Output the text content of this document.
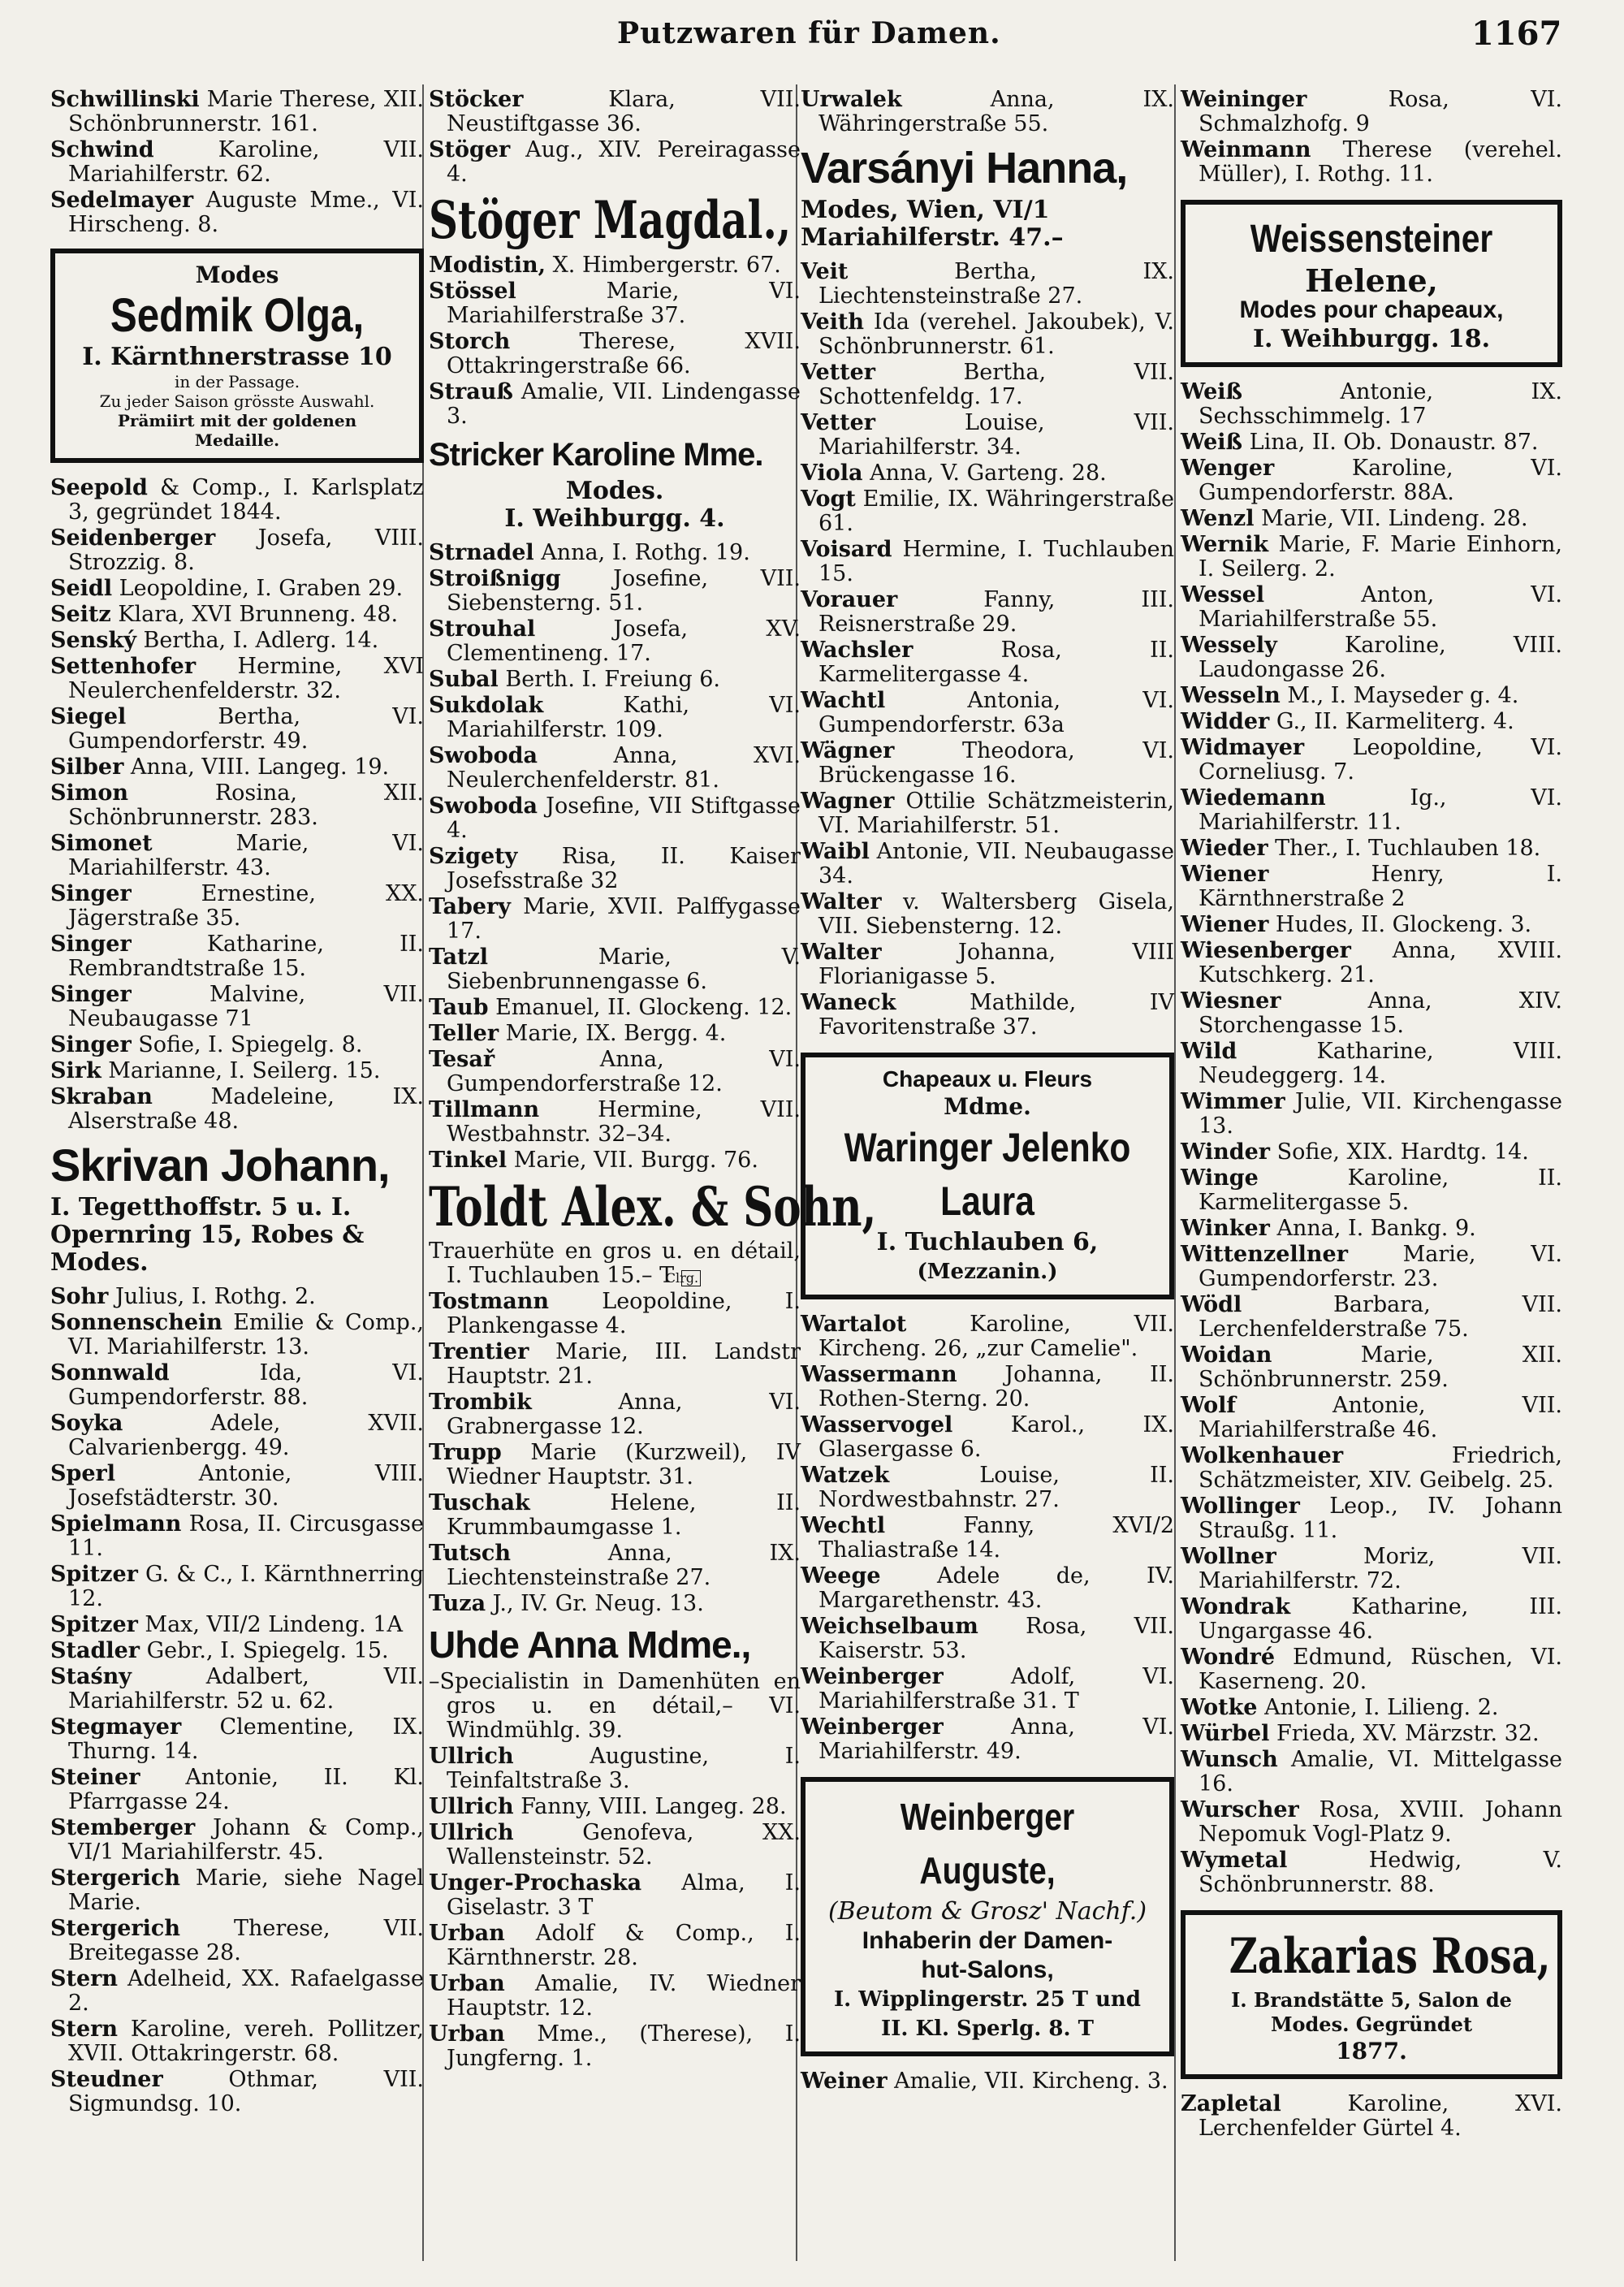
Putzwaren für Damen.	1167
Schwillinski Marie Therese, XII. Schönbrunnerstr. 161.
Schwind Karoline, VII. Mariahilferstr. 62.
Sedelmayer Auguste Mme., VI. Hirscheng. 8.
Modes
Sedmik Olga,
I. Kärnthnerstrasse 10
in der Passage.
Zu jeder Saison grösste Auswahl.
Prämiirt mit der goldenen
Medaille.
Seepold & Comp., I. Karlsplatz 3, gegründet 1844.
Seidenberger Josefa, VIII. Strozzig. 8.
Seidl Leopoldine, I. Graben 29.
Seitz Klara, XVI Brunneng. 48.
Senský Bertha, I. Adlerg. 14.
Settenhofer Hermine, XVI Neulerchenfelderstr. 32.
Siegel Bertha, VI. Gumpendorferstr. 49.
Silber Anna, VIII. Langeg. 19.
Simon Rosina, XII. Schönbrunnerstr. 283.
Simonet Marie, VI. Mariahilferstr. 43.
Singer Ernestine, XX. Jägerstraße 35.
Singer Katharine, II. Rembrandtstraße 15.
Singer Malvine, VII. Neubaugasse 71
Singer Sofie, I. Spiegelg. 8.
Sirk Marianne, I. Seilerg. 15.
Skraban Madeleine, IX. Alserstraße 48.
Skrivan Johann,
I. Tegetthoffstr. 5 u. I. Opernring 15, Robes & Modes.
Sohr Julius, I. Rothg. 2.
Sonnenschein Emilie & Comp., VI. Mariahilferstr. 13.
Sonnwald Ida, VI. Gumpendorferstr. 88.
Soyka Adele, XVII. Calvarienbergg. 49.
Sperl Antonie, VIII. Josefstädterstr. 30.
Spielmann Rosa, II. Circusgasse 11.
Spitzer G. & C., I. Kärnthnerring 12.
Spitzer Max, VII/2 Lindeng. 1A
Stadler Gebr., I. Spiegelg. 15.
Staśny Adalbert, VII. Mariahilferstr. 52 u. 62.
Stegmayer Clementine, IX. Thurng. 14.
Steiner Antonie, II. Kl. Pfarrgasse 24.
Stemberger Johann & Comp., VI/1 Mariahilferstr. 45.
Stergerich Marie, siehe Nagel Marie.
Stergerich Therese, VII. Breitegasse 28.
Stern Adelheid, XX. Rafaelgasse 2.
Stern Karoline, vereh. Pollitzer, XVII. Ottakringerstr. 68.
Steudner Othmar, VII. Sigmundsg. 10.
Stöcker Klara, VII. Neustiftgasse 36.
Stöger Aug., XIV. Pereiragasse 4.
Stöger Magdal.,
Modistin, X. Himbergerstr. 67.
Stössel Marie, VI. Mariahilferstraße 37.
Storch Therese, XVII. Ottakringerstraße 66.
Strauß Amalie, VII. Lindengasse 3.
Stricker Karoline Mme.
Modes.
I. Weihburgg. 4.
Strnadel Anna, I. Rothg. 19.
Stroißnigg Josefine, VII. Siebensterng. 51.
Strouhal Josefa, XV. Clementineng. 17.
Subal Berth. I. Freiung 6.
Sukdolak Kathi, VI. Mariahilferstr. 109.
Swoboda Anna, XVI. Neulerchenfelderstr. 81.
Swoboda Josefine, VII Stiftgasse 4.
Szigety Risa, II. Kaiser Josefsstraße 32
Tabery Marie, XVII. Palffygasse 17.
Tatzl Marie, V. Siebenbrunnengasse 6.
Taub Emanuel, II. Glockeng. 12.
Teller Marie, IX. Bergg. 4.
Tesař Anna, VI. Gumpendorferstraße 12.
Tillmann Hermine, VII. Westbahnstr. 32–34.
Tinkel Marie, VII. Burgg. 76.
Toldt Alex. & Sohn,
Trauerhüte en gros u. en détail, I. Tuchlauben 15.– T Clrg.
Tostmann Leopoldine, I. Plankengasse 4.
Trentier Marie, III. Landstr Hauptstr. 21.
Trombik Anna, VI. Grabnergasse 12.
Trupp Marie (Kurzweil), IV Wiedner Hauptstr. 31.
Tuschak Helene, II. Krummbaumgasse 1.
Tutsch Anna, IX. Liechtensteinstraße 27.
Tuza J., IV. Gr. Neug. 13.
Uhde Anna Mdme.,
–Specialistin in Damenhüten en gros u. en détail,– VI. Windmühlg. 39.
Ullrich Augustine, I. Teinfaltstraße 3.
Ullrich Fanny, VIII. Langeg. 28.
Ullrich Genofeva, XX. Wallensteinstr. 52.
Unger-Prochaska Alma, I. Giselastr. 3 T
Urban Adolf & Comp., I. Kärnthnerstr. 28.
Urban Amalie, IV. Wiedner Hauptstr. 12.
Urban Mme., (Therese), I. Jungferng. 1.
Urwalek Anna, IX. Währingerstraße 55.
Varsányi Hanna,
Modes, Wien, VI/1 Mariahilferstr. 47.–
Veit Bertha, IX. Liechtensteinstraße 27.
Veith Ida (verehel. Jakoubek), V. Schönbrunnerstr. 61.
Vetter Bertha, VII. Schottenfeldg. 17.
Vetter Louise, VII. Mariahilferstr. 34.
Viola Anna, V. Garteng. 28.
Vogt Emilie, IX. Währingerstraße 61.
Voisard Hermine, I. Tuchlauben 15.
Vorauer Fanny, III. Reisnerstraße 29.
Wachsler Rosa, II. Karmelitergasse 4.
Wachtl Antonia, VI. Gumpendorferstr. 63a
Wägner Theodora, VI. Brückengasse 16.
Wagner Ottilie Schätzmeisterin, VI. Mariahilferstr. 51.
Waibl Antonie, VII. Neubaugasse 34.
Walter v. Waltersberg Gisela, VII. Siebensterng. 12.
Walter Johanna, VIII Florianigasse 5.
Waneck Mathilde, IV Favoritenstraße 37.
Chapeaux u. Fleurs
Mdme.
Waringer Jelenko Laura
I. Tuchlauben 6,
(Mezzanin.)
Wartalot Karoline, VII. Kircheng. 26, „zur Camelie".
Wassermann Johanna, II. Rothen-Sterng. 20.
Wasservogel Karol., IX. Glasergasse 6.
Watzek Louise, II. Nordwestbahnstr. 27.
Wechtl Fanny, XVI/2 Thaliastraße 14.
Weege Adele de, IV. Margarethenstr. 43.
Weichselbaum Rosa, VII. Kaiserstr. 53.
Weinberger Adolf, VI. Mariahilferstraße 31. T
Weinberger Anna, VI. Mariahilferstr. 49.
Weinberger Auguste,
(Beutom & Grosz' Nachf.)
Inhaberin der Damen-
hut-Salons,
I. Wipplingerstr. 25 T und
II. Kl. Sperlg. 8. T
Weiner Amalie, VII. Kircheng. 3.
Weininger Rosa, VI. Schmalzhofg. 9
Weinmann Therese (verehel. Müller), I. Rothg. 11.
Weissensteiner
Helene,
Modes pour chapeaux,
I. Weihburgg. 18.
Weiß Antonie, IX. Sechsschimmelg. 17
Weiß Lina, II. Ob. Donaustr. 87.
Wenger Karoline, VI. Gumpendorferstr. 88A.
Wenzl Marie, VII. Lindeng. 28.
Wernik Marie, F. Marie Einhorn, I. Seilerg. 2.
Wessel Anton, VI. Mariahilferstraße 55.
Wessely Karoline, VIII. Laudongasse 26.
Wesseln M., I. Mayseder g. 4.
Widder G., II. Karmeliterg. 4.
Widmayer Leopoldine, VI. Corneliusg. 7.
Wiedemann Ig., VI. Mariahilferstr. 11.
Wieder Ther., I. Tuchlauben 18.
Wiener Henry, I. Kärnthnerstraße 2
Wiener Hudes, II. Glockeng. 3.
Wiesenberger Anna, XVIII. Kutschkerg. 21.
Wiesner Anna, XIV. Storchengasse 15.
Wild Katharine, VIII. Neudeggerg. 14.
Wimmer Julie, VII. Kirchengasse 13.
Winder Sofie, XIX. Hardtg. 14.
Winge Karoline, II. Karmelitergasse 5.
Winker Anna, I. Bankg. 9.
Wittenzellner Marie, VI. Gumpendorferstr. 23.
Wödl Barbara, VII. Lerchenfelderstraße 75.
Woidan Marie, XII. Schönbrunnerstr. 259.
Wolf Antonie, VII. Mariahilferstraße 46.
Wolkenhauer Friedrich, Schätzmeister, XIV. Geibelg. 25.
Wollinger Leop., IV. Johann Straußg. 11.
Wollner Moriz, VII. Mariahilferstr. 72.
Wondrak Katharine, III. Ungargasse 46.
Wondré Edmund, Rüschen, VI. Kaserneng. 20.
Wotke Antonie, I. Lilieng. 2.
Würbel Frieda, XV. Märzstr. 32.
Wunsch Amalie, VI. Mittelgasse 16.
Wurscher Rosa, XVIII. Johann Nepomuk Vogl-Platz 9.
Wymetal Hedwig, V. Schönbrunnerstr. 88.
Zakarias Rosa,
I. Brandstätte 5, Salon de Modes. Gegründet
1877.
Zapletal Karoline, XVI. Lerchenfelder Gürtel 4.
